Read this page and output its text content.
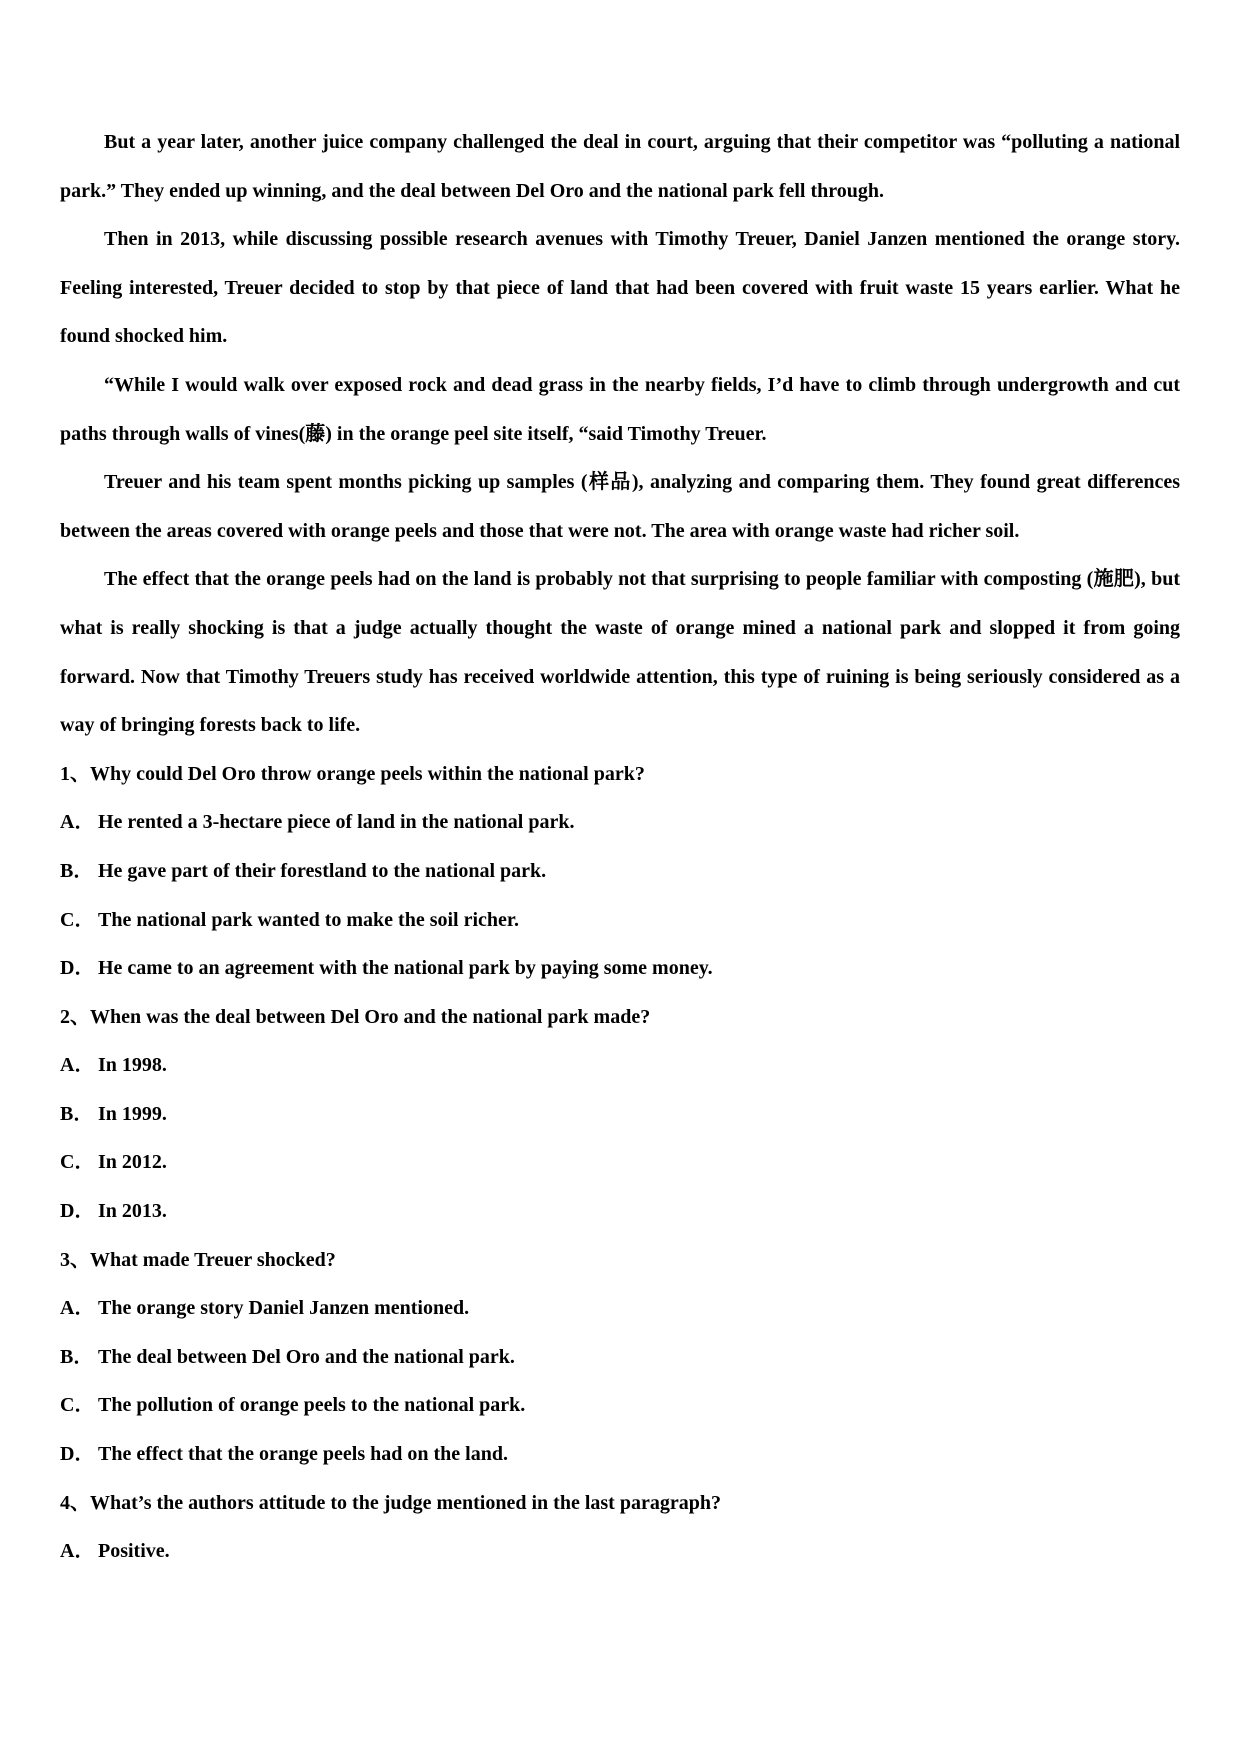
But a year later, another juice company challenged the deal in court, arguing that their competitor was “polluting a national park.” They ended up winning, and the deal between Del Oro and the national park fell through.

Then in 2013, while discussing possible research avenues with Timothy Treuer, Daniel Janzen mentioned the orange story. Feeling interested, Treuer decided to stop by that piece of land that had been covered with fruit waste 15 years earlier. What he found shocked him.

“While I would walk over exposed rock and dead grass in the nearby fields, I’d have to climb through undergrowth and cut paths through walls of vines(藤) in the orange peel site itself, “said Timothy Treuer.

Treuer and his team spent months picking up samples (样品), analyzing and comparing them. They found great differences between the areas covered with orange peels and those that were not. The area with orange waste had richer soil.

The effect that the orange peels had on the land is probably not that surprising to people familiar with composting (施肥), but what is really shocking is that a judge actually thought the waste of orange mined a national park and slopped it from going forward. Now that Timothy Treuers study has received worldwide attention, this type of ruining is being seriously considered as a way of bringing forests back to life.

1、Why could Del Oro throw orange peels within the national park?

A． He rented a 3-hectare piece of land in the national park.

B． He gave part of their forestland to the national park.

C． The national park wanted to make the soil richer.

D． He came to an agreement with the national park by paying some money.

2、When was the deal between Del Oro and the national park made?

A． In 1998.

B． In 1999.

C． In 2012.

D． In 2013.

3、What made Treuer shocked?

A． The orange story Daniel Janzen mentioned.

B． The deal between Del Oro and the national park.

C． The pollution of orange peels to the national park.

D． The effect that the orange peels had on the land.

4、What’s the authors attitude to the judge mentioned in the last paragraph?

A． Positive.
